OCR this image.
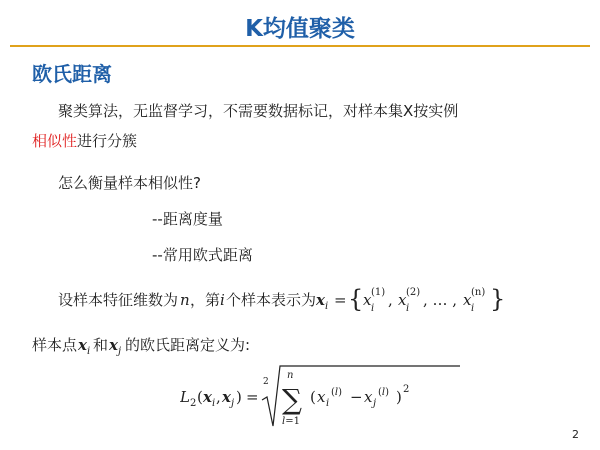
K均值聚类
欧氏距离
聚类算法，无监督学习，不需要数据标记，对样本集X按实例
相似性进行分簇
怎么衡量样本相似性?
--距离度量
--常用欧式距离
设样本特征维数为 n ，第 i 个样本表示为 x i = { x i
(1) , x i
(2) , … , x i
(n) }
样本点 x i 和 x j 的欧氏距离定义为:
L 2 ( x i , x j ) =
2
n
∑
l=1
( x i
(l) − x j
(l) ) 2
2
